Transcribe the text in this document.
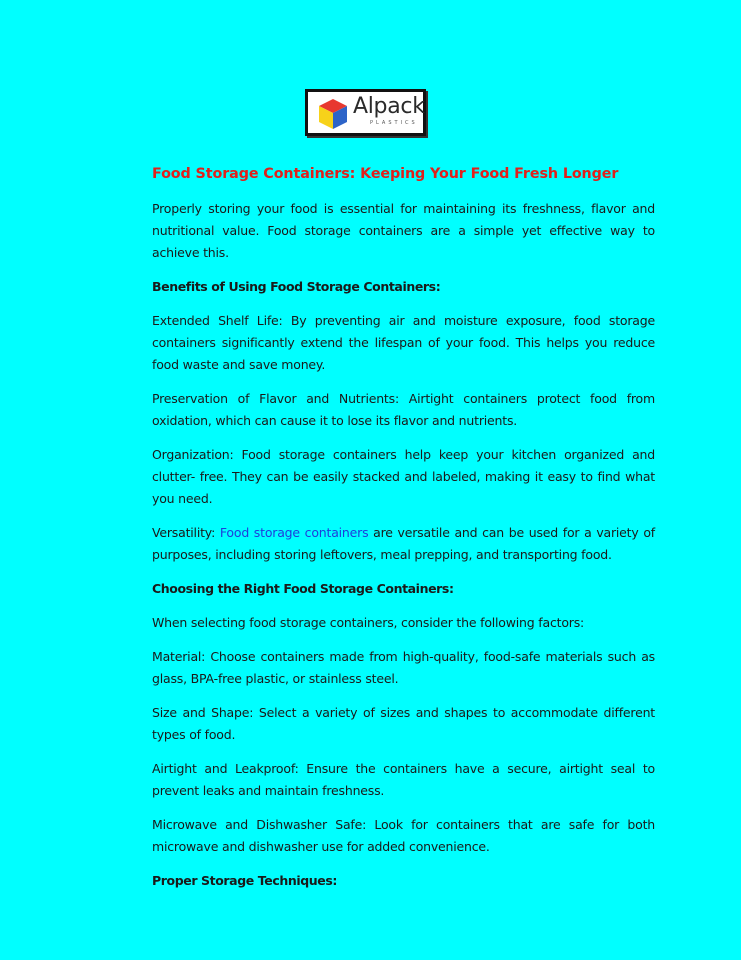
Alpack
PLASTICS
Food Storage Containers: Keeping Your Food Fresh Longer

Properly storing your food is essential for maintaining its freshness, flavor and nutritional value. Food storage containers are a simple yet effective way to achieve this.

Benefits of Using Food Storage Containers:

Extended Shelf Life: By preventing air and moisture exposure, food storage containers significantly extend the lifespan of your food. This helps you reduce food waste and save money.

Preservation of Flavor and Nutrients: Airtight containers protect food from oxidation, which can cause it to lose its flavor and nutrients.

Organization: Food storage containers help keep your kitchen organized and clutter- free. They can be easily stacked and labeled, making it easy to find what you need.

Versatility: Food storage containers are versatile and can be used for a variety of purposes, including storing leftovers, meal prepping, and transporting food.

Choosing the Right Food Storage Containers:

When selecting food storage containers, consider the following factors:

Material: Choose containers made from high-quality, food-safe materials such as glass, BPA-free plastic, or stainless steel.

Size and Shape: Select a variety of sizes and shapes to accommodate different types of food.

Airtight and Leakproof: Ensure the containers have a secure, airtight seal to prevent leaks and maintain freshness.

Microwave and Dishwasher Safe: Look for containers that are safe for both microwave and dishwasher use for added convenience.

Proper Storage Techniques:
